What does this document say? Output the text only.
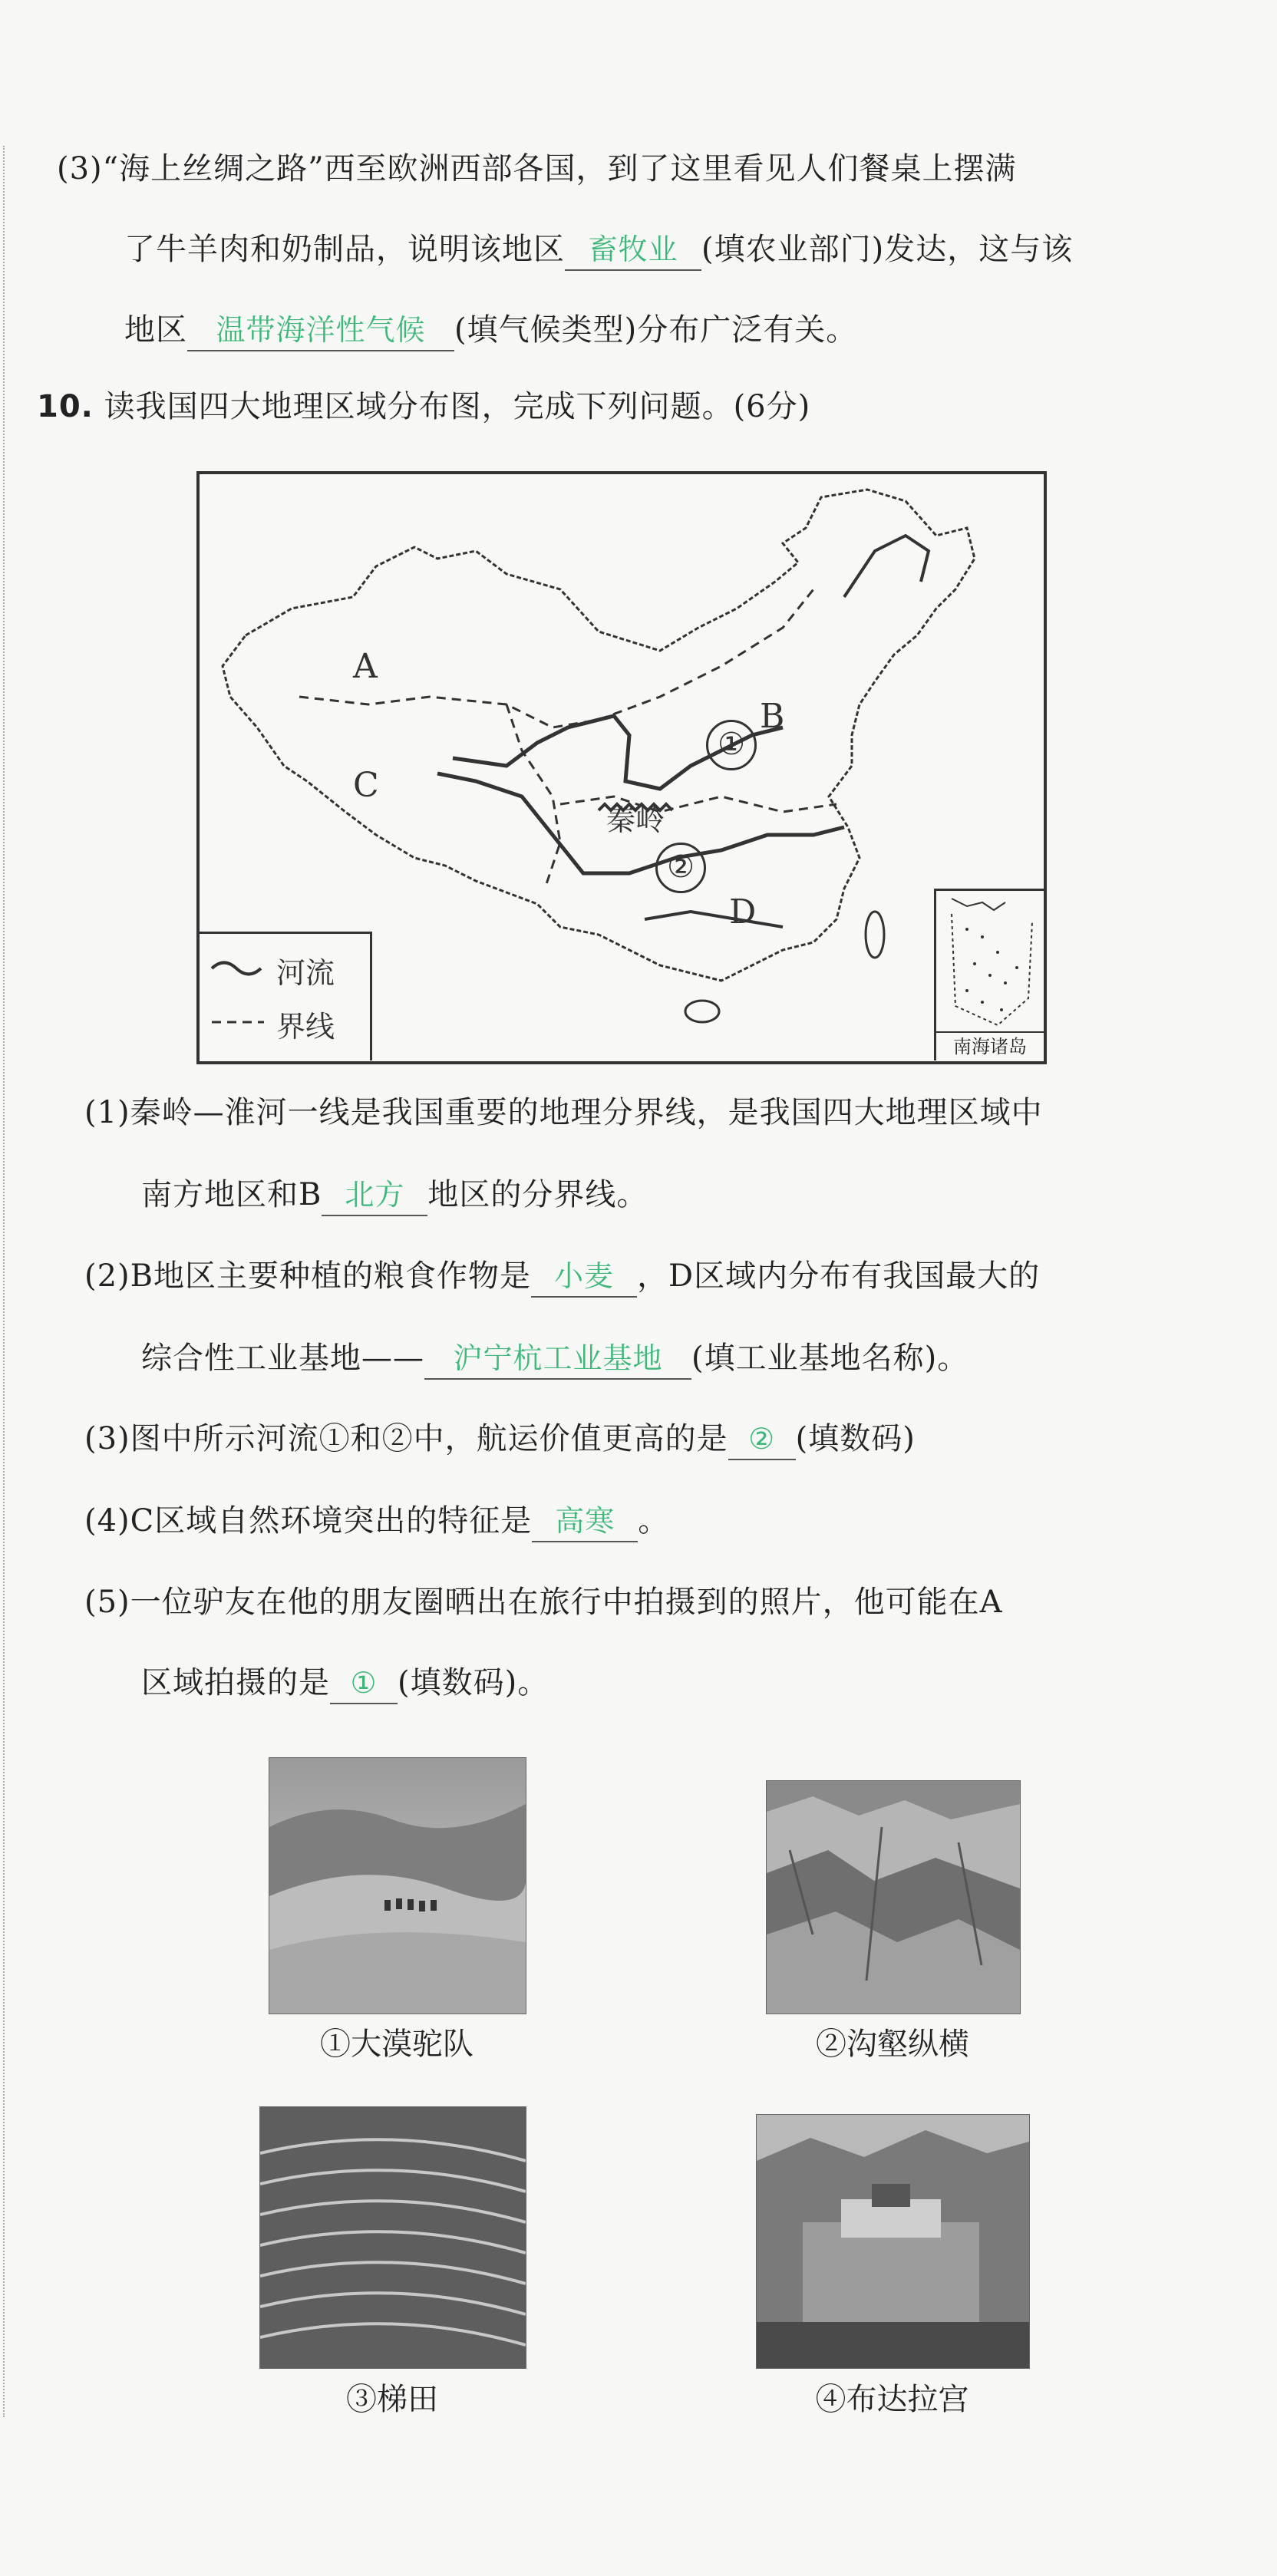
(3)“海上丝绸之路”西至欧洲西部各国，到了这里看见人们餐桌上摆满
了牛羊肉和奶制品，说明该地区 畜牧业 (填农业部门)发达，这与该
地区 温带海洋性气候 (填气候类型)分布广泛有关。
10. 读我国四大地理区域分布图，完成下列问题。(6分)
A
B
C
D
①
②
秦岭
河流
界线
南海诸岛
(1)秦岭—淮河一线是我国重要的地理分界线，是我国四大地理区域中
南方地区和B 北方 地区的分界线。
(2)B地区主要种植的粮食作物是 小麦 ，D区域内分布有我国最大的
综合性工业基地—— 沪宁杭工业基地 (填工业基地名称)。
(3)图中所示河流①和②中，航运价值更高的是 ② (填数码)
(4)C区域自然环境突出的特征是 高寒 。
(5)一位驴友在他的朋友圈晒出在旅行中拍摄到的照片，他可能在A
区域拍摄的是 ① (填数码)。
①大漠驼队	②沟壑纵横
③梯田	④布达拉宫
